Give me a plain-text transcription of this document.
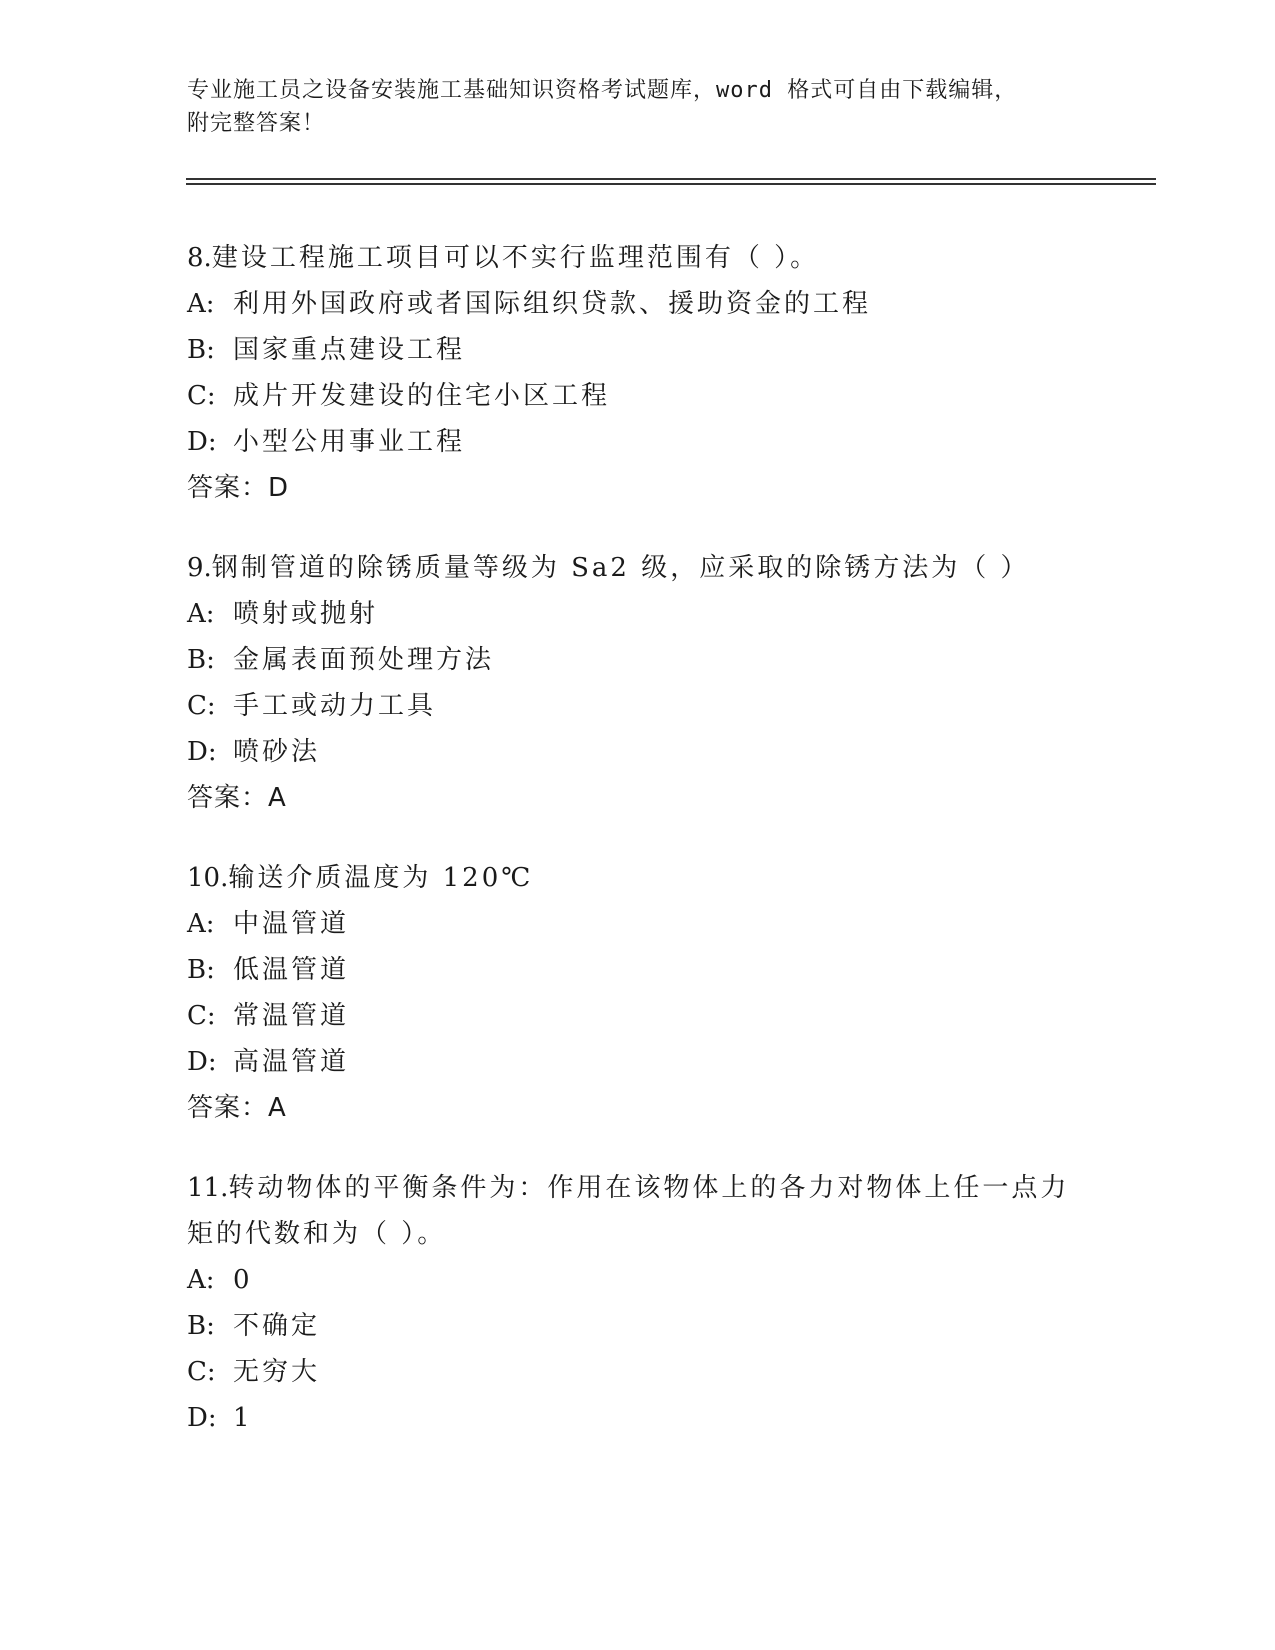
专业施工员之设备安装施工基础知识资格考试题库，word 格式可自由下载编辑，
附完整答案！
8.建设工程施工项目可以不实行监理范围有（ ）。
A: 利用外国政府或者国际组织贷款、援助资金的工程
B: 国家重点建设工程
C: 成片开发建设的住宅小区工程
D: 小型公用事业工程
答案：D
9.钢制管道的除锈质量等级为 Sa2 级，应采取的除锈方法为（ ）
A: 喷射或抛射
B: 金属表面预处理方法
C: 手工或动力工具
D: 喷砂法
答案：A
10.输送介质温度为 120℃
A: 中温管道
B: 低温管道
C: 常温管道
D: 高温管道
答案：A
11.转动物体的平衡条件为：作用在该物体上的各力对物体上任一点力矩的代数和为（ ）。
A: 0
B: 不确定
C: 无穷大
D: 1
